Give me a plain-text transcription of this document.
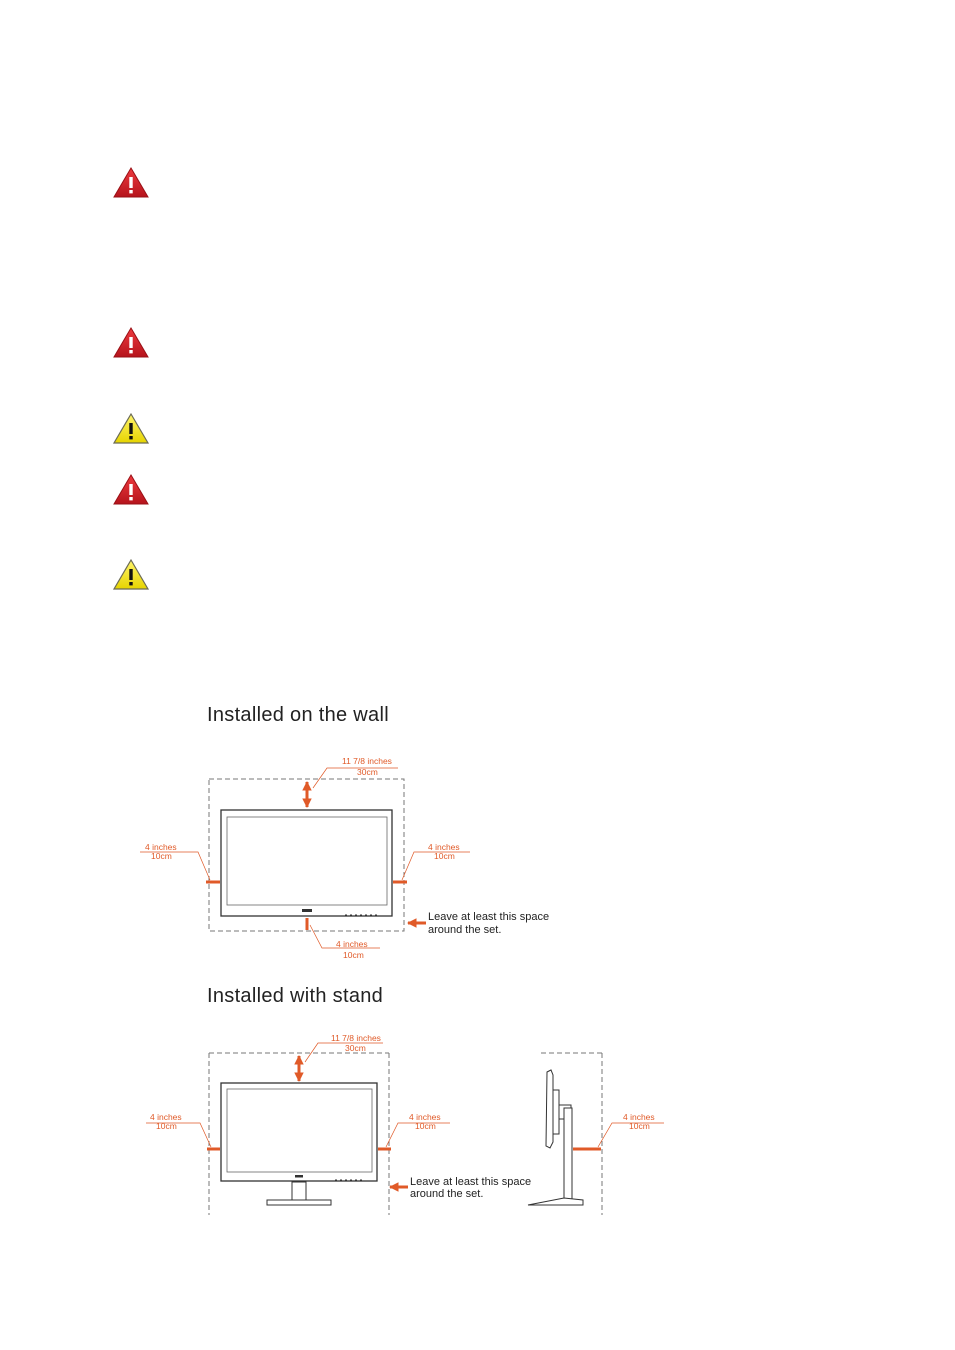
Installed on the wall
Installed with stand
11 7/8 inches
30cm
4 inches
10cm
4 inches
10cm
4 inches
10cm
Leave at least this space
around the set.
11 7/8 inches
30cm
4 inches
10cm
4 inches
10cm
Leave at least this space
around the set.
4 inches
10cm
